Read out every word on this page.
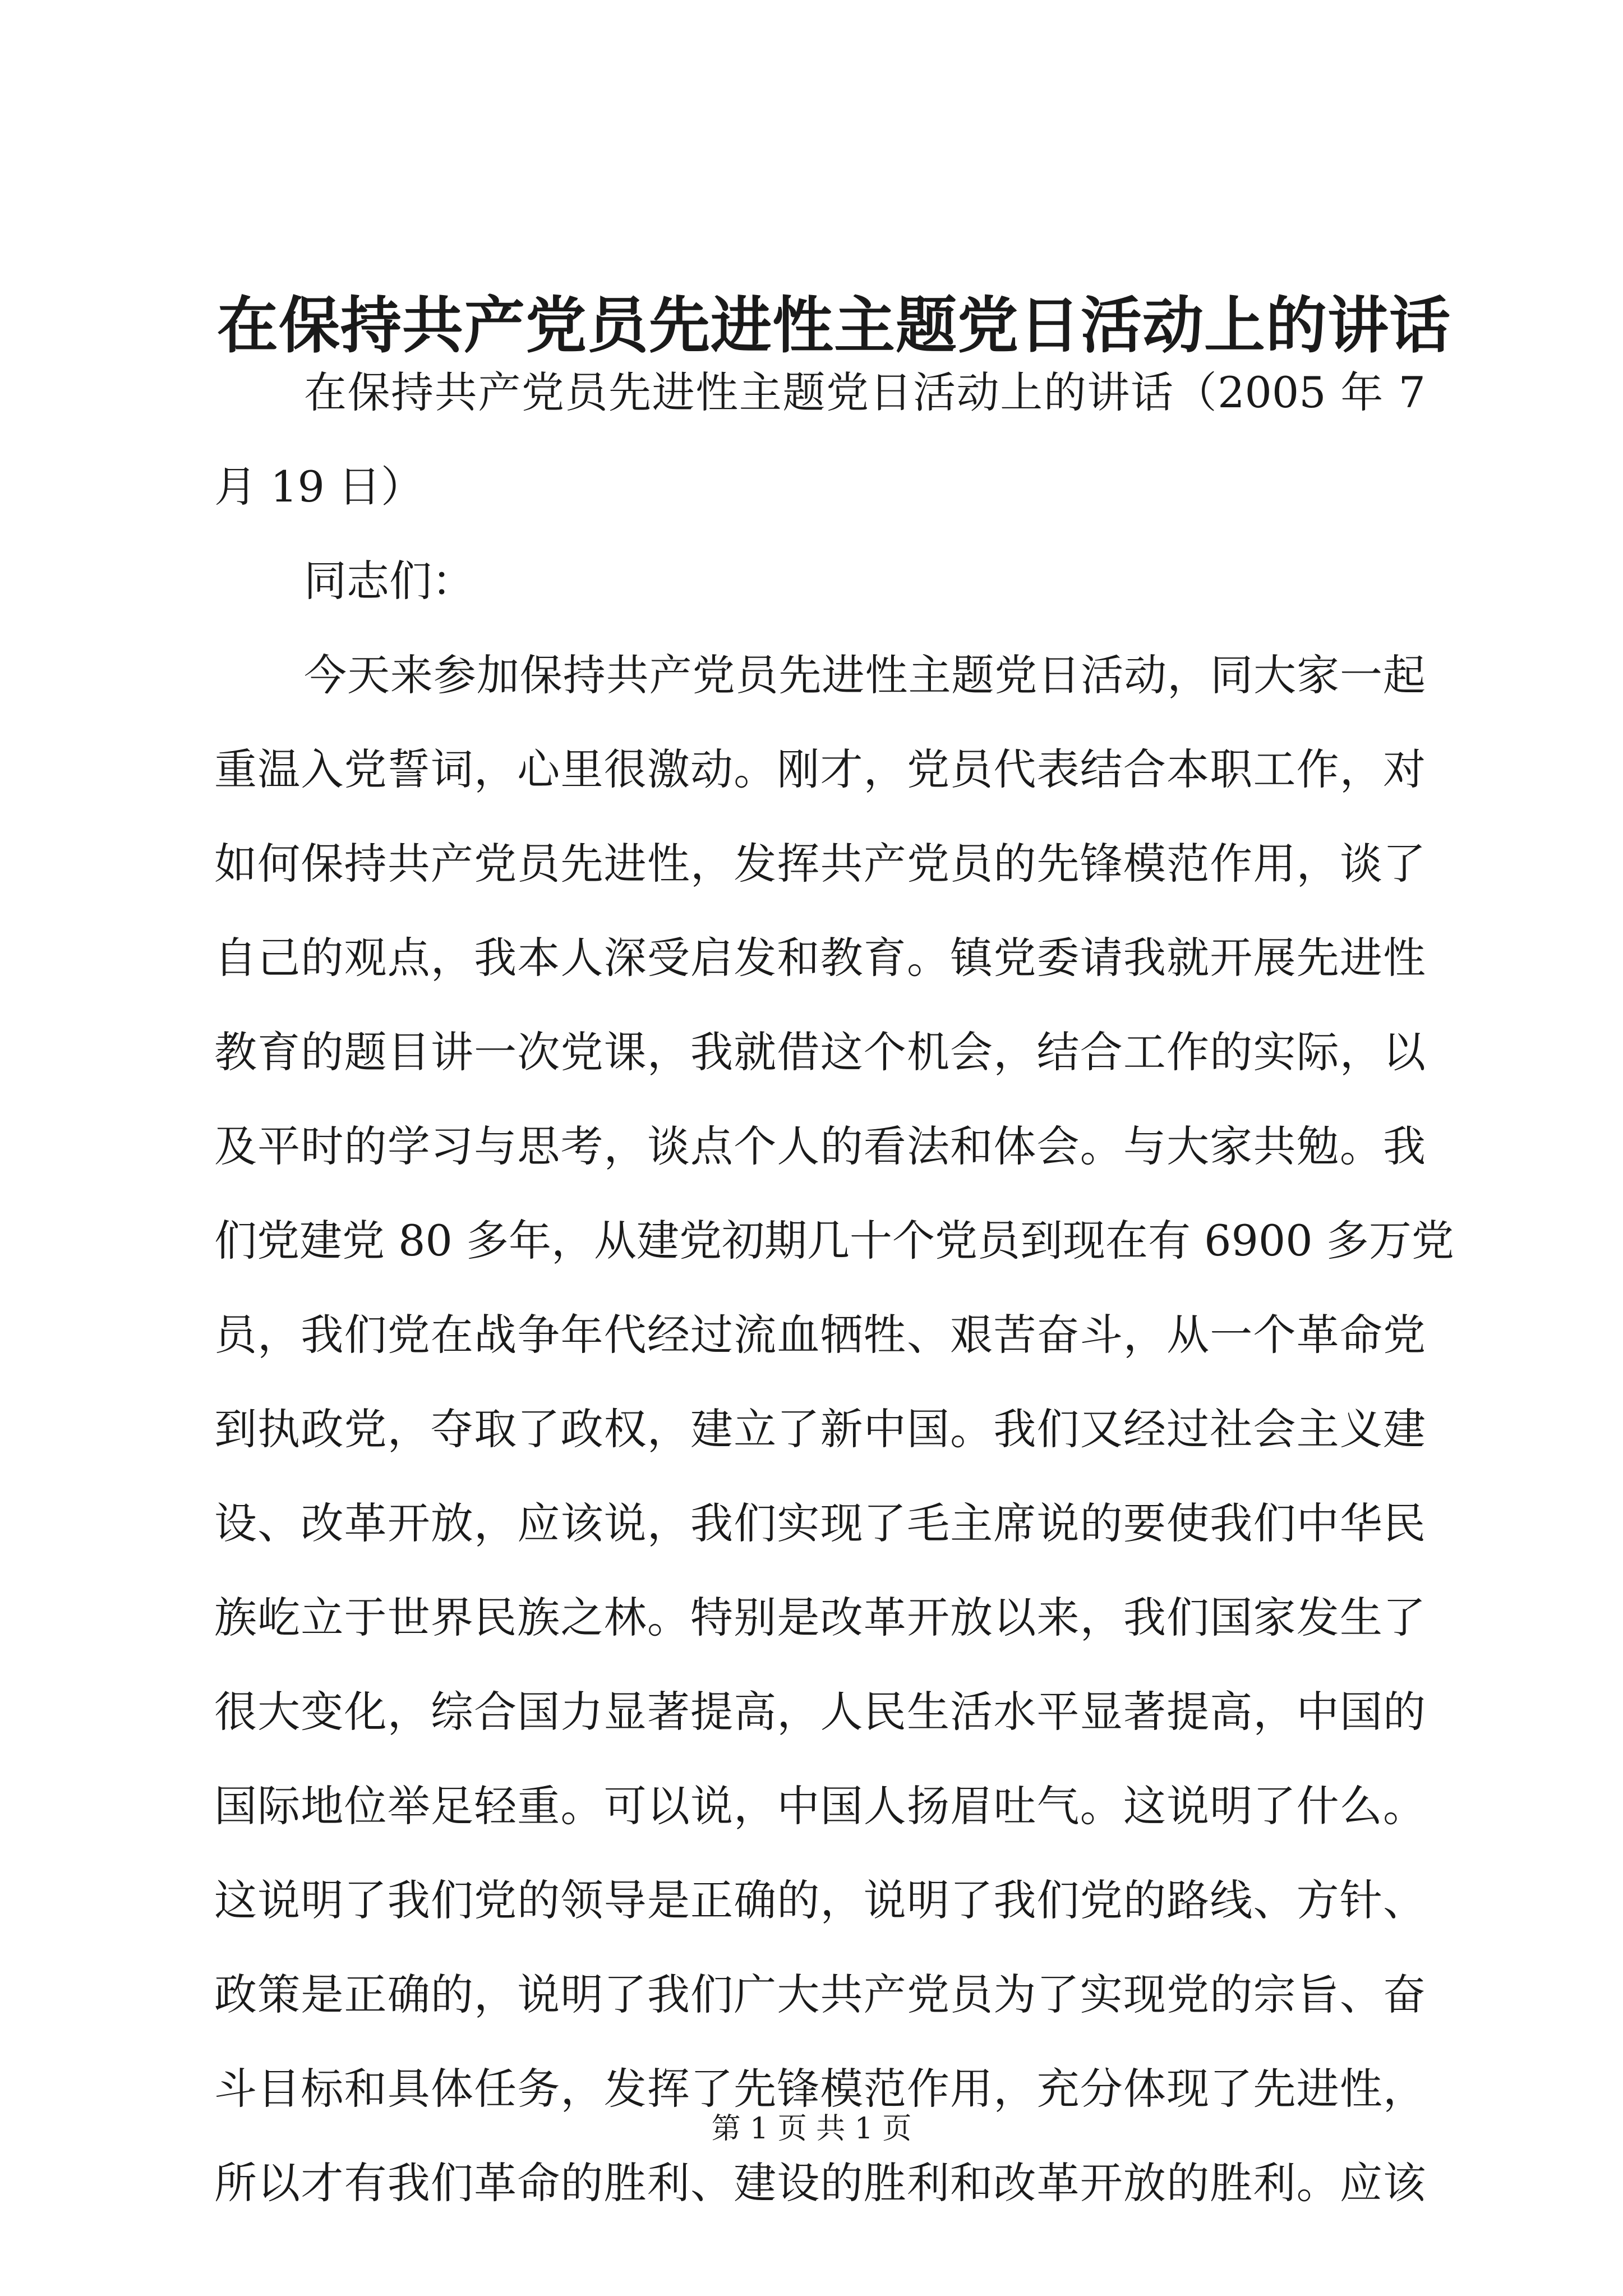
在保持共产党员先进性主题党日活动上的讲话
在保持共产党员先进性主题党日活动上的讲话（2005 年 7
月 19 日）
同志们：
今天来参加保持共产党员先进性主题党日活动，同大家一起
重温入党誓词，心里很激动。刚才，党员代表结合本职工作，对
如何保持共产党员先进性，发挥共产党员的先锋模范作用，谈了
自己的观点，我本人深受启发和教育。镇党委请我就开展先进性
教育的题目讲一次党课，我就借这个机会，结合工作的实际，以
及平时的学习与思考，谈点个人的看法和体会。与大家共勉。我
们党建党 80 多年，从建党初期几十个党员到现在有 6900 多万党
员，我们党在战争年代经过流血牺牲、艰苦奋斗，从一个革命党
到执政党，夺取了政权，建立了新中国。我们又经过社会主义建
设、改革开放，应该说，我们实现了毛主席说的要使我们中华民
族屹立于世界民族之林。特别是改革开放以来，我们国家发生了
很大变化，综合国力显著提高，人民生活水平显著提高，中国的
国际地位举足轻重。可以说，中国人扬眉吐气。这说明了什么。
这说明了我们党的领导是正确的，说明了我们党的路线、方针、
政策是正确的，说明了我们广大共产党员为了实现党的宗旨、奋
斗目标和具体任务，发挥了先锋模范作用，充分体现了先进性，
所以才有我们革命的胜利、建设的胜利和改革开放的胜利。应该
第 1 页 共 1 页
